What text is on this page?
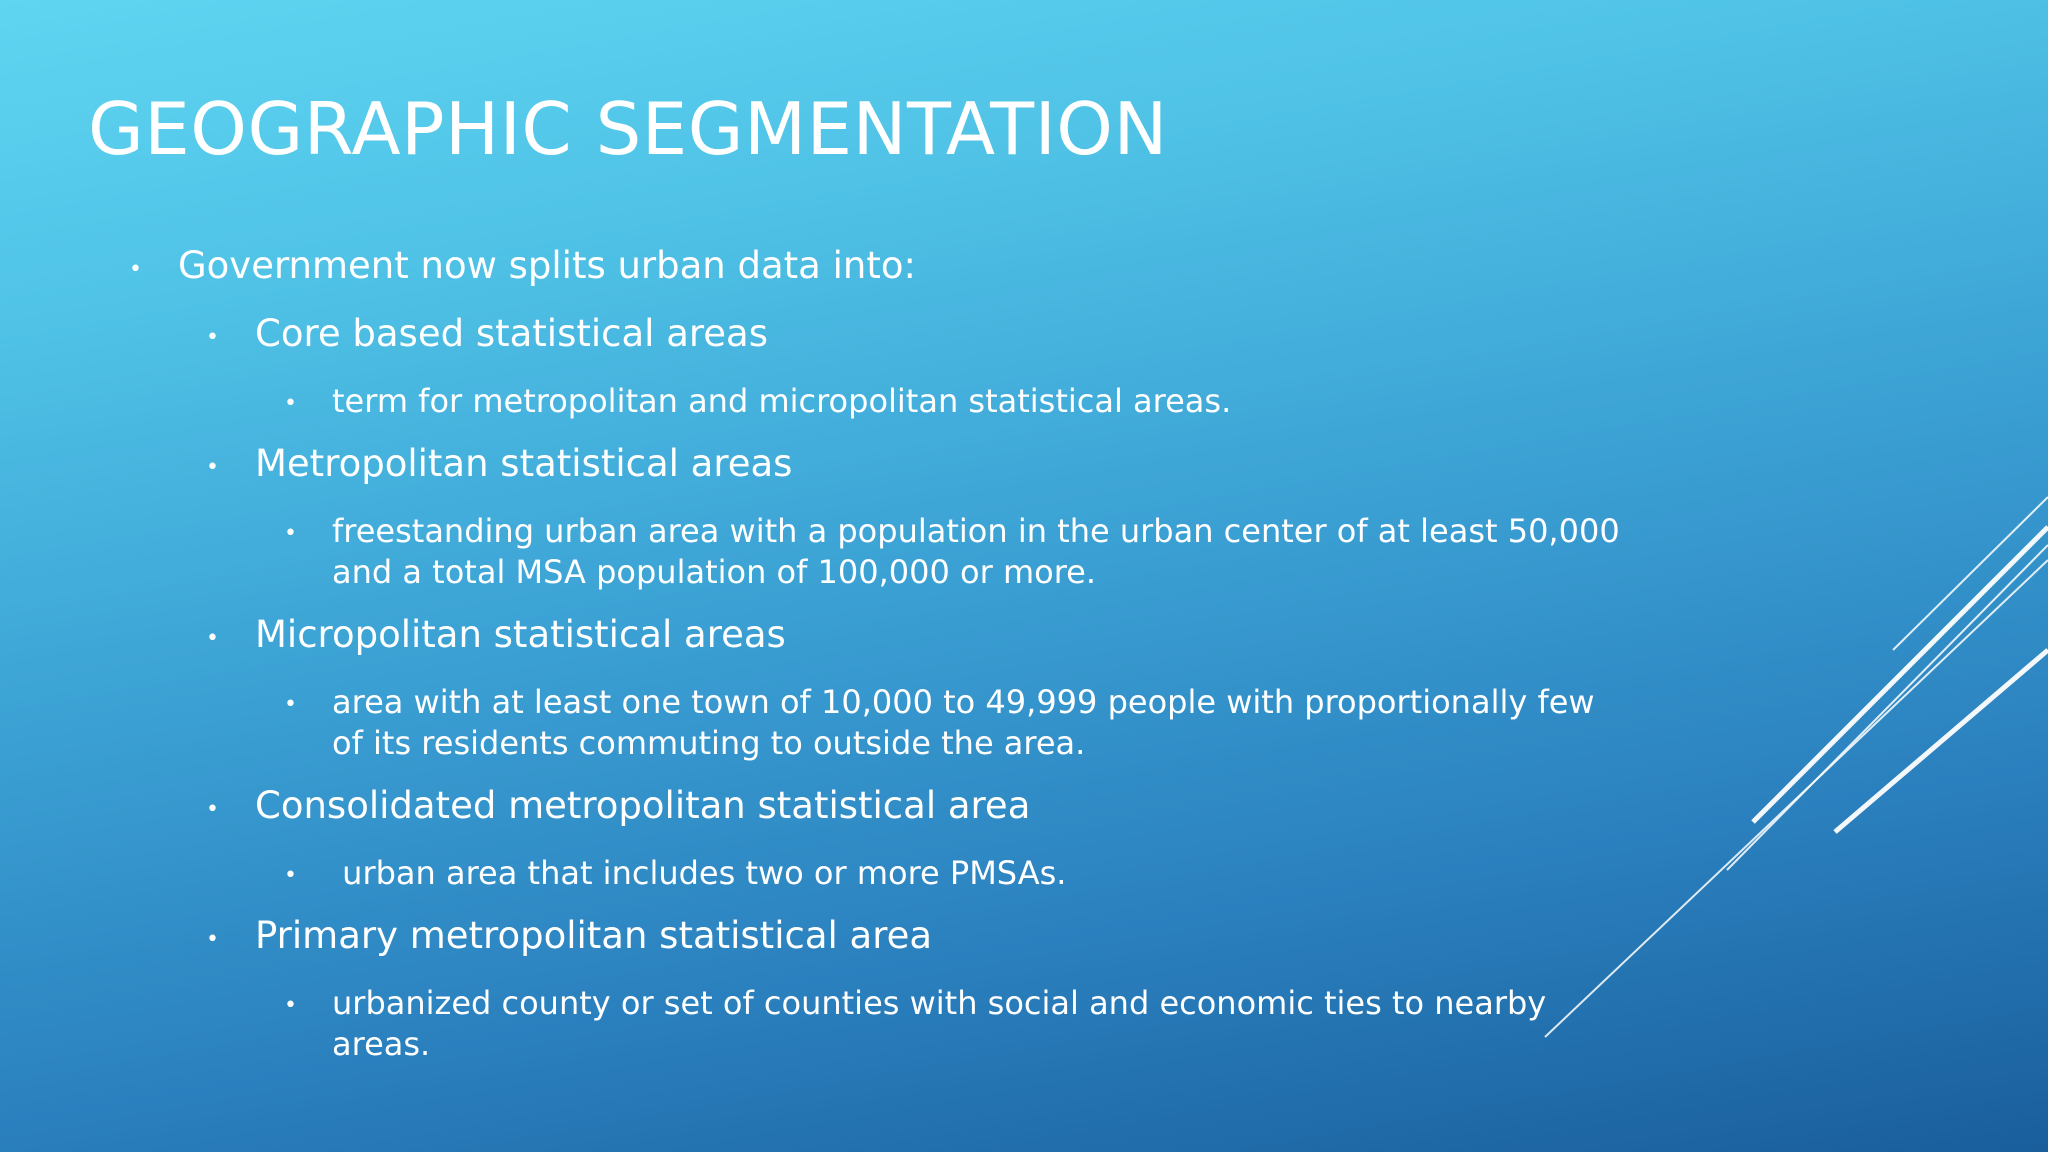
GEOGRAPHIC SEGMENTATION
• Government now splits urban data into:
• Core based statistical areas
• term for metropolitan and micropolitan statistical areas.
• Metropolitan statistical areas
• freestanding urban area with a population in the urban center of at least 50,000
and a total MSA population of 100,000 or more.
• Micropolitan statistical areas
• area with at least one town of 10,000 to 49,999 people with proportionally few
of its residents commuting to outside the area.
• Consolidated metropolitan statistical area
• urban area that includes two or more PMSAs.
• Primary metropolitan statistical area
• urbanized county or set of counties with social and economic ties to nearby
areas.
